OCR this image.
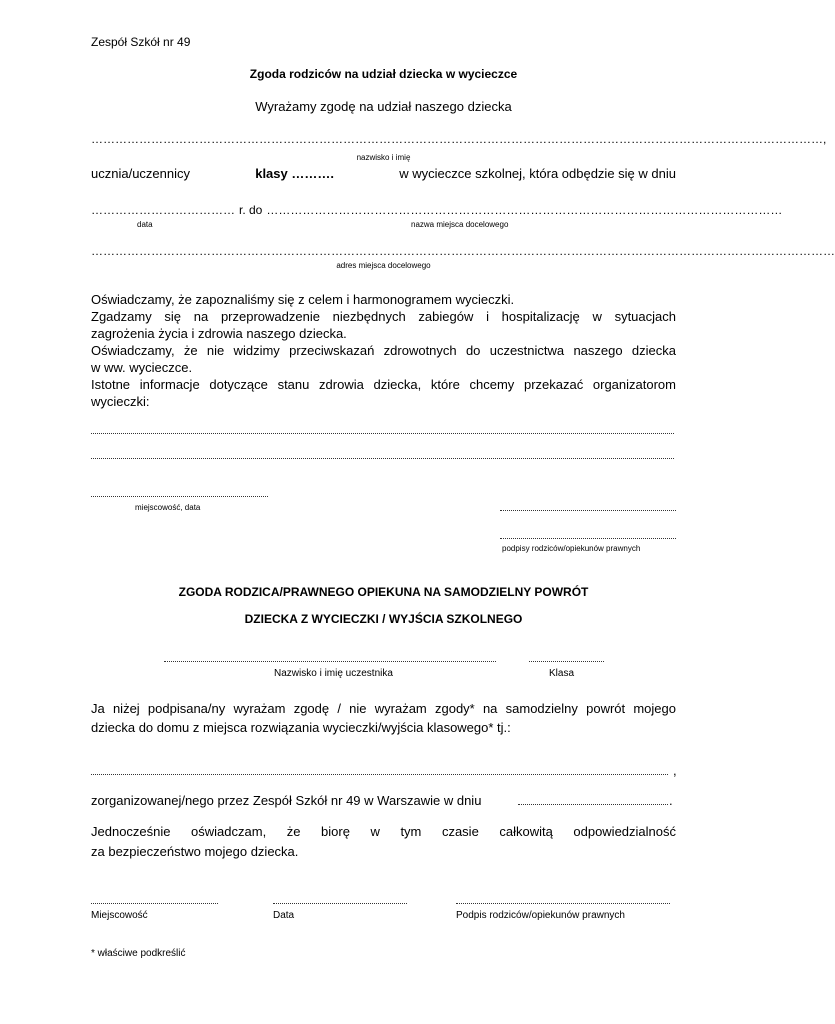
Zespół Szkół nr 49
Zgoda rodziców na udział dziecka w wycieczce
Wyrażamy zgodę na udział naszego dziecka
…………………………………………………………………………………………………………………………………………………………………,
nazwisko i imię
ucznia/uczennicy	klasy ……….	w wycieczce szkolnej, która odbędzie się w dniu
……………………………… r. do …………………………………………………………………………………………………………………
data	nazwa miejsca docelowego
……………………………………………………………………………………………………………………………………………………………………
adres miejsca docelowego
Oświadczamy, że zapoznaliśmy się z celem i harmonogramem wycieczki.
Zgadzamy się na przeprowadzenie niezbędnych zabiegów i hospitalizację w sytuacjach
zagrożenia życia i zdrowia naszego dziecka.
Oświadczamy, że nie widzimy przeciwskazań zdrowotnych do uczestnictwa naszego dziecka
w ww. wycieczce.
Istotne informacje dotyczące stanu zdrowia dziecka, które chcemy przekazać organizatorom
wycieczki:
miejscowość, data
podpisy rodziców/opiekunów prawnych
ZGODA RODZICA/PRAWNEGO OPIEKUNA NA SAMODZIELNY POWRÓT
DZIECKA Z WYCIECZKI / WYJŚCIA SZKOLNEGO
Nazwisko i imię uczestnika	Klasa
Ja niżej podpisana/ny wyrażam zgodę / nie wyrażam zgody* na samodzielny powrót mojego
dziecka do domu z miejsca rozwiązania wycieczki/wyjścia klasowego* tj.:
,
zorganizowanej/nego przez Zespół Szkół nr 49 w Warszawie w dniu	.
Jednocześnie oświadczam, że biorę w tym czasie całkowitą odpowiedzialność
za bezpieczeństwo mojego dziecka.
Miejscowość	Data	Podpis rodziców/opiekunów prawnych
* właściwe podkreślić
